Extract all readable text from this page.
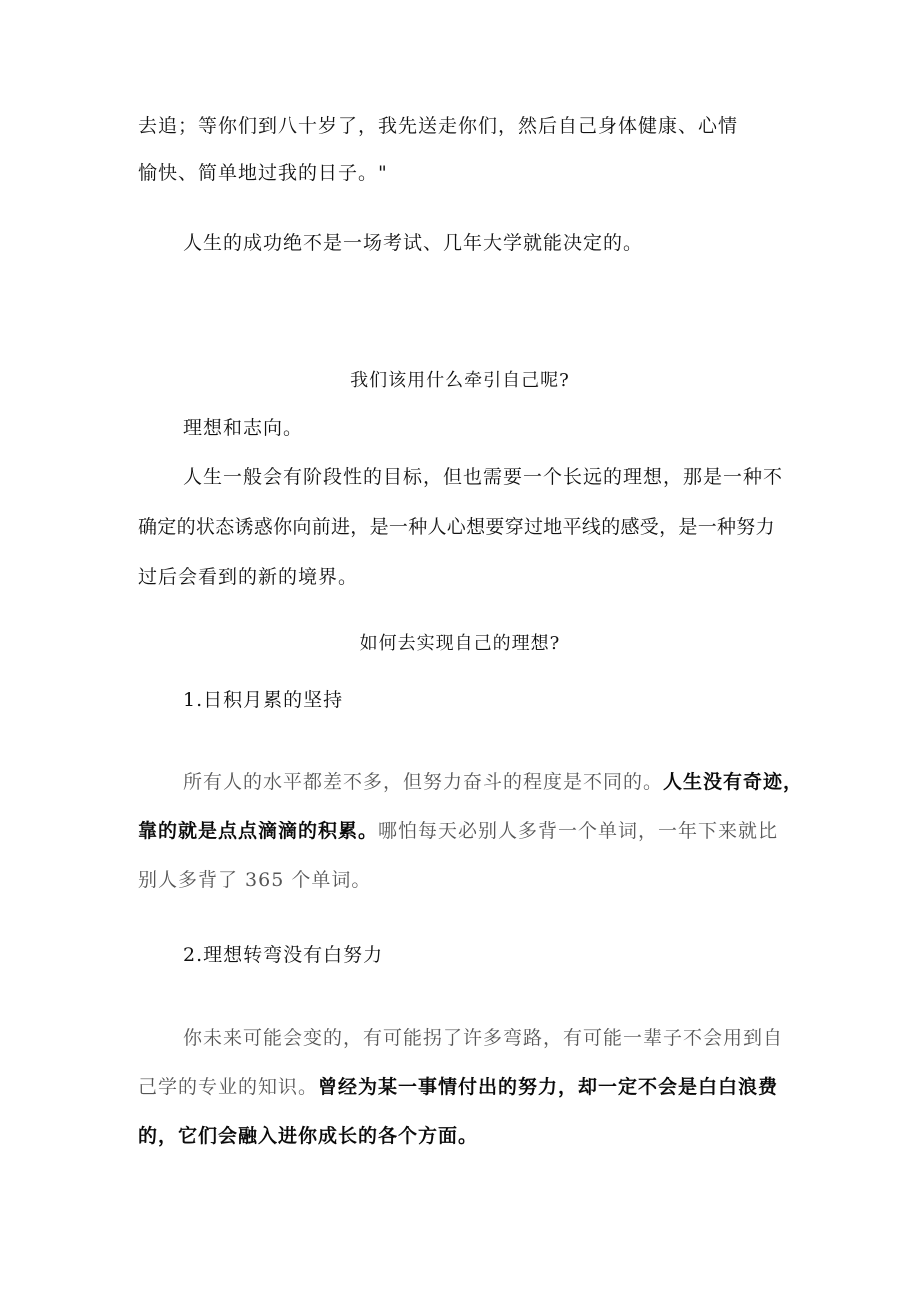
去追；等你们到八十岁了，我先送走你们，然后自己身体健康、心情
愉快、简单地过我的日子。"
人生的成功绝不是一场考试、几年大学就能决定的。
我们该用什么牵引自己呢?
理想和志向。
人生一般会有阶段性的目标，但也需要一个长远的理想，那是一种不
确定的状态诱惑你向前进，是一种人心想要穿过地平线的感受，是一种努力
过后会看到的新的境界。
如何去实现自己的理想?
1.日积月累的坚持
所有人的水平都差不多，但努力奋斗的程度是不同的。人生没有奇迹，
靠的就是点点滴滴的积累。哪怕每天必别人多背一个单词，一年下来就比
别人多背了 365 个单词。
2.理想转弯没有白努力
你未来可能会变的，有可能拐了许多弯路，有可能一辈子不会用到自
己学的专业的知识。曾经为某一事情付出的努力，却一定不会是白白浪费
的，它们会融入进你成长的各个方面。
